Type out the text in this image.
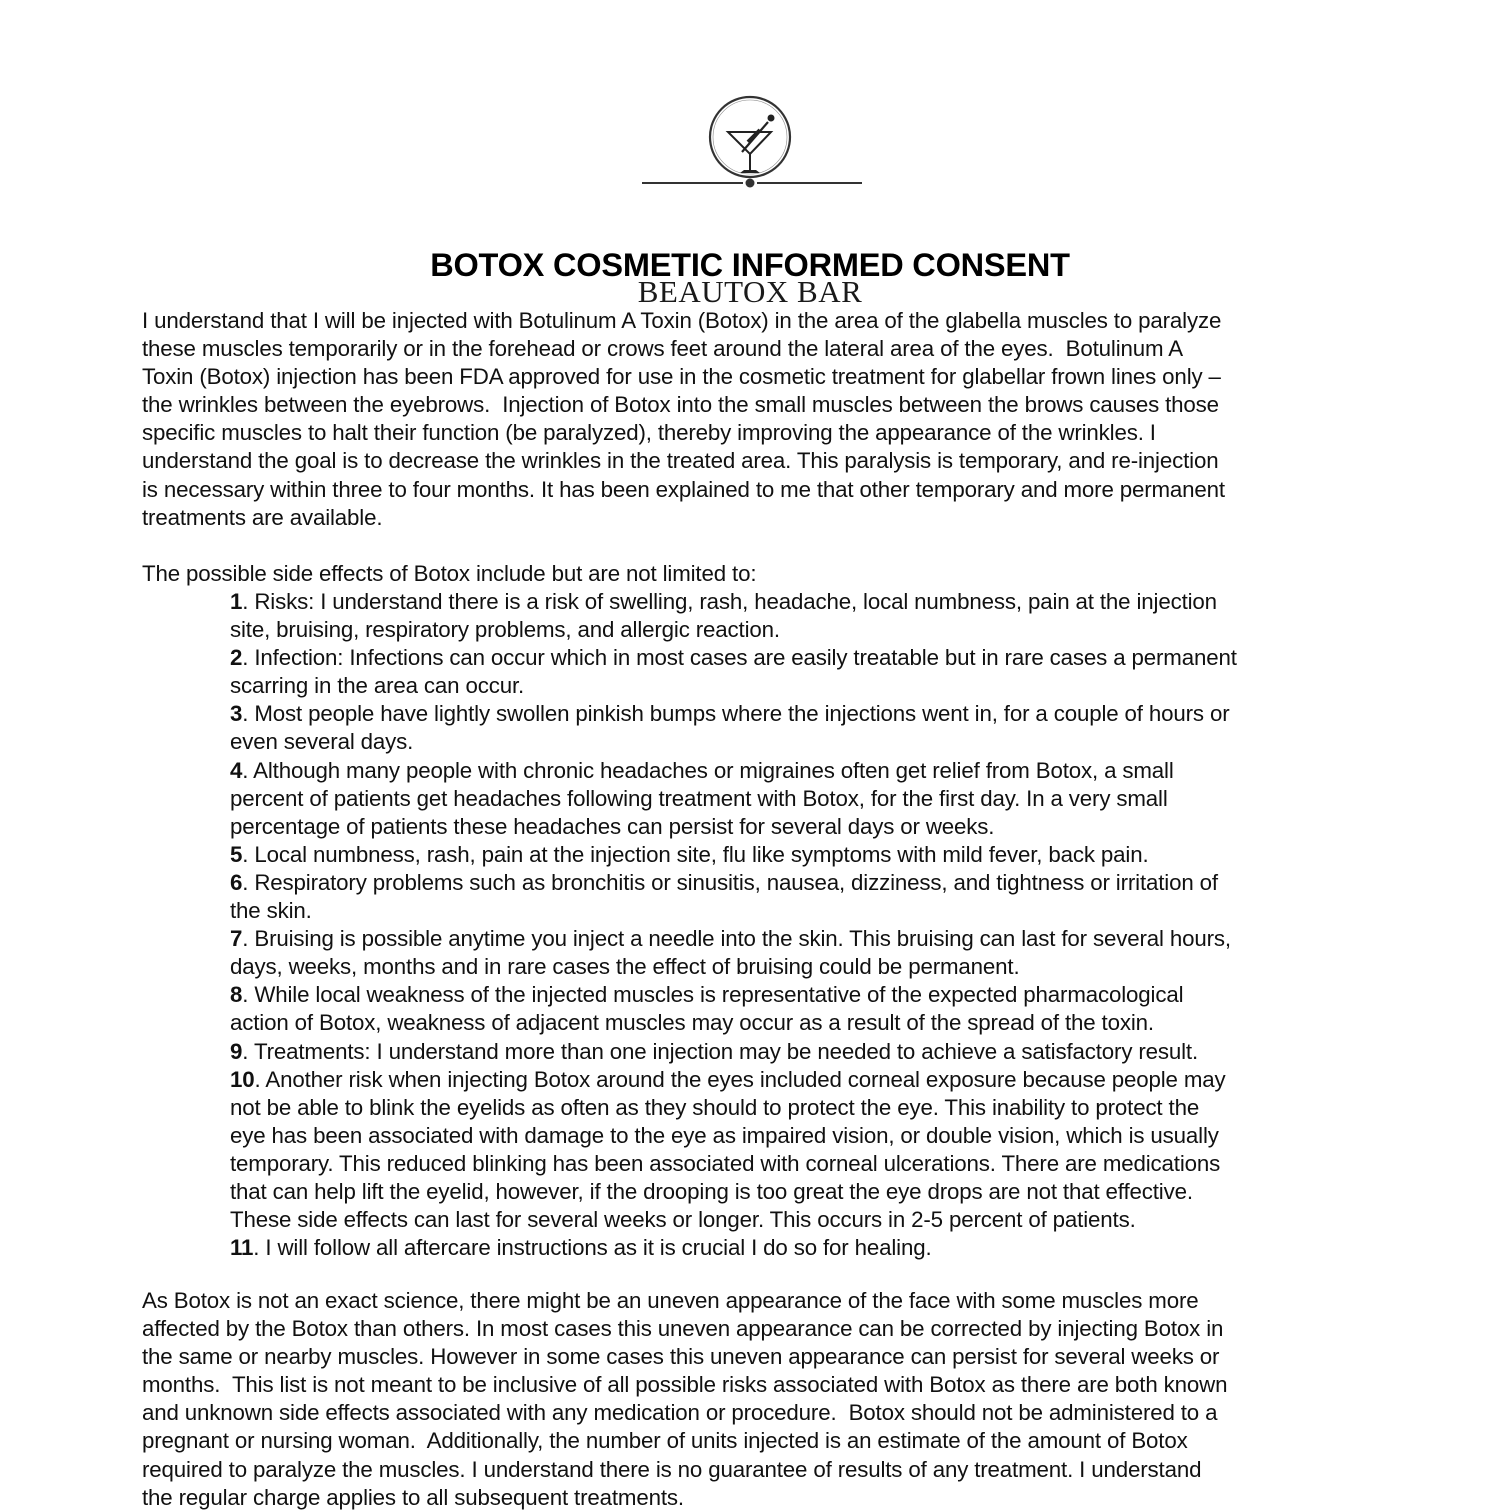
BEAUTOX BAR
BOTOX COSMETIC INFORMED CONSENT
I understand that I will be injected with Botulinum A Toxin (Botox) in the area of the glabella muscles to paralyze
these muscles temporarily or in the forehead or crows feet around the lateral area of the eyes.  Botulinum A
Toxin (Botox) injection has been FDA approved for use in the cosmetic treatment for glabellar frown lines only –
the wrinkles between the eyebrows.  Injection of Botox into the small muscles between the brows causes those
specific muscles to halt their function (be paralyzed), thereby improving the appearance of the wrinkles. I
understand the goal is to decrease the wrinkles in the treated area. This paralysis is temporary, and re-injection
is necessary within three to four months. It has been explained to me that other temporary and more permanent
treatments are available.
The possible side effects of Botox include but are not limited to:
1. Risks: I understand there is a risk of swelling, rash, headache, local numbness, pain at the injection
site, bruising, respiratory problems, and allergic reaction.
2. Infection: Infections can occur which in most cases are easily treatable but in rare cases a permanent
scarring in the area can occur.
3. Most people have lightly swollen pinkish bumps where the injections went in, for a couple of hours or
even several days.
4. Although many people with chronic headaches or migraines often get relief from Botox, a small
percent of patients get headaches following treatment with Botox, for the first day. In a very small
percentage of patients these headaches can persist for several days or weeks.
5. Local numbness, rash, pain at the injection site, flu like symptoms with mild fever, back pain.
6. Respiratory problems such as bronchitis or sinusitis, nausea, dizziness, and tightness or irritation of
the skin.
7. Bruising is possible anytime you inject a needle into the skin. This bruising can last for several hours,
days, weeks, months and in rare cases the effect of bruising could be permanent.
8. While local weakness of the injected muscles is representative of the expected pharmacological
action of Botox, weakness of adjacent muscles may occur as a result of the spread of the toxin.
9. Treatments: I understand more than one injection may be needed to achieve a satisfactory result.
10. Another risk when injecting Botox around the eyes included corneal exposure because people may
not be able to blink the eyelids as often as they should to protect the eye. This inability to protect the
eye has been associated with damage to the eye as impaired vision, or double vision, which is usually
temporary. This reduced blinking has been associated with corneal ulcerations. There are medications
that can help lift the eyelid, however, if the drooping is too great the eye drops are not that effective.
These side effects can last for several weeks or longer. This occurs in 2-5 percent of patients.
11. I will follow all aftercare instructions as it is crucial I do so for healing.
As Botox is not an exact science, there might be an uneven appearance of the face with some muscles more
affected by the Botox than others. In most cases this uneven appearance can be corrected by injecting Botox in
the same or nearby muscles. However in some cases this uneven appearance can persist for several weeks or
months.  This list is not meant to be inclusive of all possible risks associated with Botox as there are both known
and unknown side effects associated with any medication or procedure.  Botox should not be administered to a
pregnant or nursing woman.  Additionally, the number of units injected is an estimate of the amount of Botox
required to paralyze the muscles. I understand there is no guarantee of results of any treatment. I understand
the regular charge applies to all subsequent treatments.
